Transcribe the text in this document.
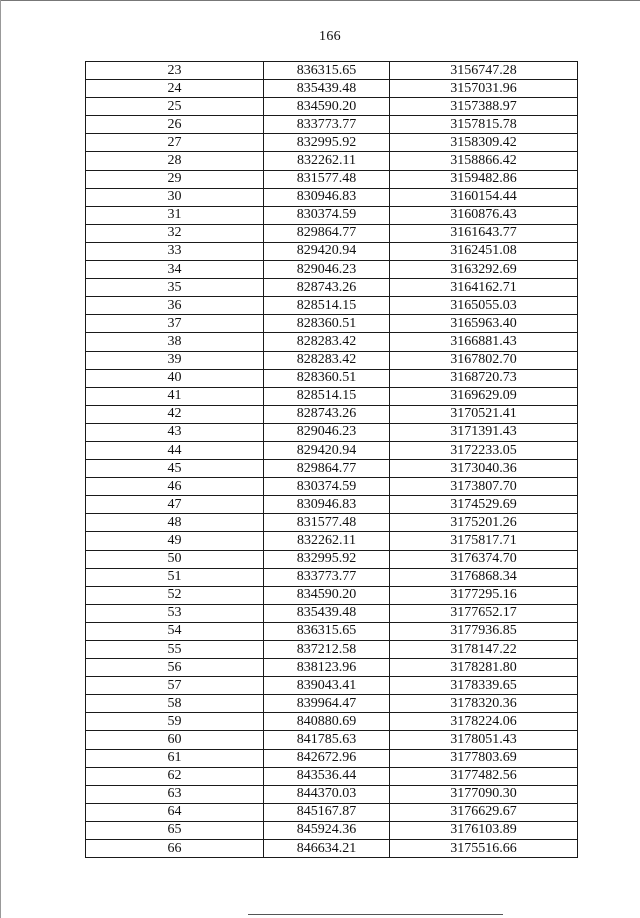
166
23	836315.65	3156747.28
24	835439.48	3157031.96
25	834590.20	3157388.97
26	833773.77	3157815.78
27	832995.92	3158309.42
28	832262.11	3158866.42
29	831577.48	3159482.86
30	830946.83	3160154.44
31	830374.59	3160876.43
32	829864.77	3161643.77
33	829420.94	3162451.08
34	829046.23	3163292.69
35	828743.26	3164162.71
36	828514.15	3165055.03
37	828360.51	3165963.40
38	828283.42	3166881.43
39	828283.42	3167802.70
40	828360.51	3168720.73
41	828514.15	3169629.09
42	828743.26	3170521.41
43	829046.23	3171391.43
44	829420.94	3172233.05
45	829864.77	3173040.36
46	830374.59	3173807.70
47	830946.83	3174529.69
48	831577.48	3175201.26
49	832262.11	3175817.71
50	832995.92	3176374.70
51	833773.77	3176868.34
52	834590.20	3177295.16
53	835439.48	3177652.17
54	836315.65	3177936.85
55	837212.58	3178147.22
56	838123.96	3178281.80
57	839043.41	3178339.65
58	839964.47	3178320.36
59	840880.69	3178224.06
60	841785.63	3178051.43
61	842672.96	3177803.69
62	843536.44	3177482.56
63	844370.03	3177090.30
64	845167.87	3176629.67
65	845924.36	3176103.89
66	846634.21	3175516.66
